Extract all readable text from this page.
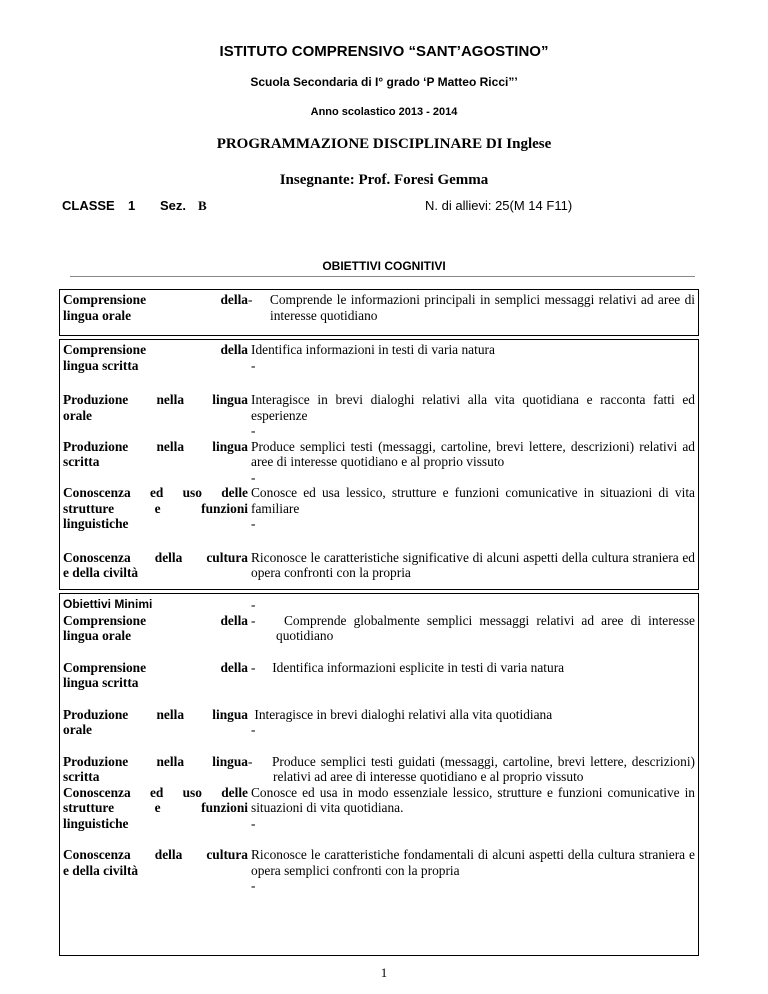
ISTITUTO COMPRENSIVO “SANT’AGOSTINO”
Scuola Secondaria di I° grado ‘P Matteo Ricci”’
Anno scolastico 2013 - 2014
PROGRAMMAZIONE DISCIPLINARE DI Inglese
Insegnante: Prof. Foresi Gemma
CLASSE 1 Sez. B	N. di allievi: 25(M 14 F11)
OBIETTIVI COGNITIVI
Comprensione della
lingua orale
- Comprende le informazioni principali in semplici messaggi relativi ad aree di interesse quotidiano
Comprensione della
lingua scritta
Identifica informazioni in testi di varia natura
-
Produzione nella lingua
orale
Interagisce in brevi dialoghi relativi alla vita quotidiana e racconta fatti ed esperienze
-
Produzione nella lingua
scritta
Produce semplici testi (messaggi, cartoline, brevi lettere, descrizioni) relativi ad aree di interesse quotidiano e al proprio vissuto
-
Conoscenza ed uso delle
strutture e funzioni
linguistiche
Conosce ed usa lessico, strutture e funzioni comunicative in situazioni di vita familiare
-
Conoscenza della cultura
e della civiltà
Riconosce le caratteristiche significative di alcuni aspetti della cultura straniera ed opera confronti con la propria
Obiettivi Minimi
Comprensione della
lingua orale
-
- Comprende globalmente semplici messaggi relativi ad aree di interesse quotidiano
Comprensione della
lingua scritta
- Identifica informazioni esplicite in testi di varia natura
Produzione nella lingua
orale
Interagisce in brevi dialoghi relativi alla vita quotidiana
-
Produzione nella lingua
scritta
- Produce semplici testi guidati (messaggi, cartoline, brevi lettere, descrizioni) relativi ad aree di interesse quotidiano e al proprio vissuto
Conoscenza ed uso delle
strutture e funzioni
linguistiche
Conosce ed usa in modo essenziale lessico, strutture e funzioni comunicative in situazioni di vita quotidiana.
-
Conoscenza della cultura
e della civiltà
Riconosce le caratteristiche fondamentali di alcuni aspetti della cultura straniera e opera semplici confronti con la propria
-
1
